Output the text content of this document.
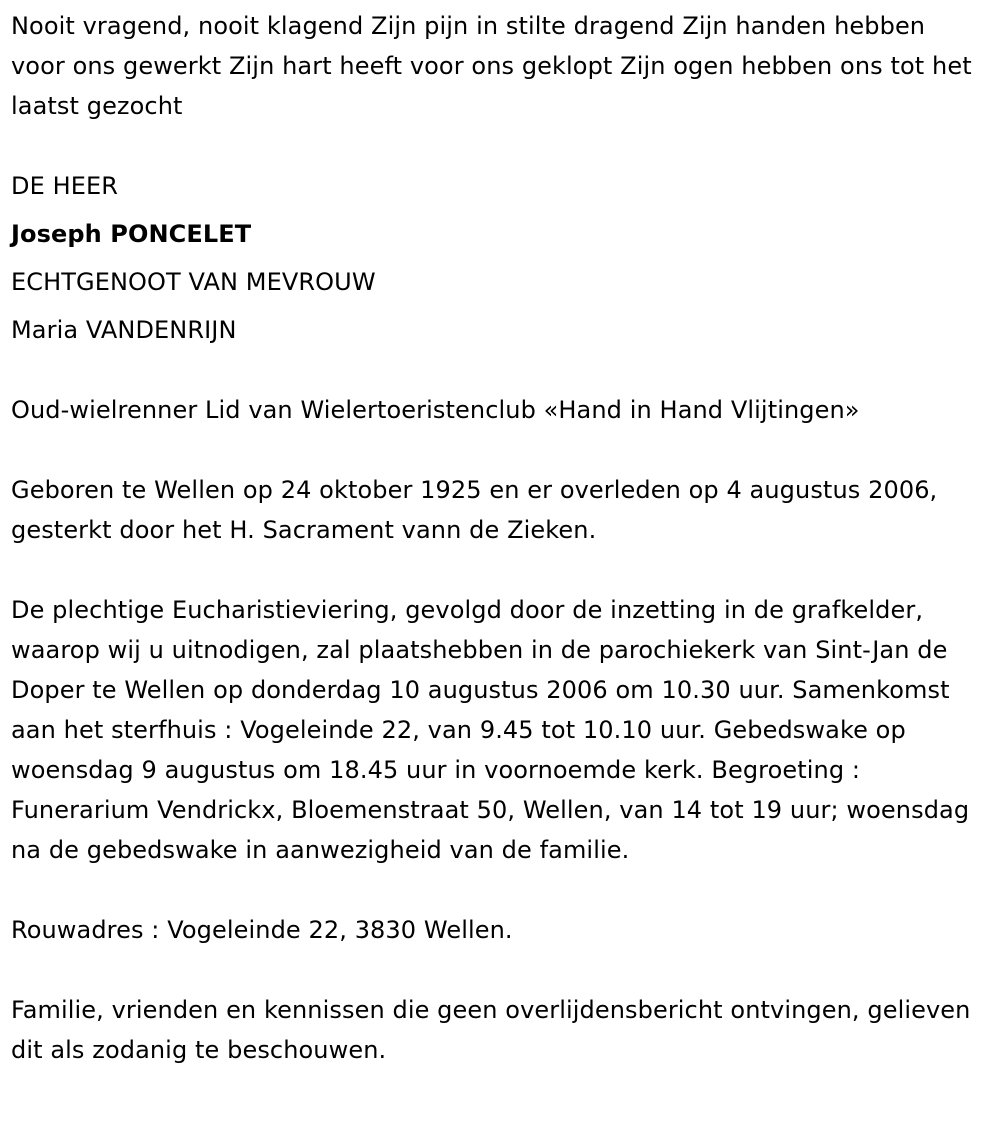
Nooit vragend, nooit klagend Zijn pijn in stilte dragend Zijn handen hebben voor ons gewerkt Zijn hart heeft voor ons geklopt Zijn ogen hebben ons tot het laatst gezocht

DE HEER

Joseph PONCELET

ECHTGENOOT VAN MEVROUW

Maria VANDENRIJN

Oud-wielrenner Lid van Wielertoeristenclub «Hand in Hand Vlijtingen»

Geboren te Wellen op 24 oktober 1925 en er overleden op 4 augustus 2006, gesterkt door het H. Sacrament vann de Zieken.

De plechtige Eucharistieviering, gevolgd door de inzetting in de grafkelder, waarop wij u uitnodigen, zal plaatshebben in de parochiekerk van Sint-Jan de Doper te Wellen op donderdag 10 augustus 2006 om 10.30 uur. Samenkomst aan het sterfhuis : Vogeleinde 22, van 9.45 tot 10.10 uur. Gebedswake op woensdag 9 augustus om 18.45 uur in voornoemde kerk. Begroeting : Funerarium Vendrickx, Bloemenstraat 50, Wellen, van 14 tot 19 uur; woensdag na de gebedswake in aanwezigheid van de familie.

Rouwadres : Vogeleinde 22, 3830 Wellen.

Familie, vrienden en kennissen die geen overlijdensbericht ontvingen, gelieven dit als zodanig te beschouwen.
